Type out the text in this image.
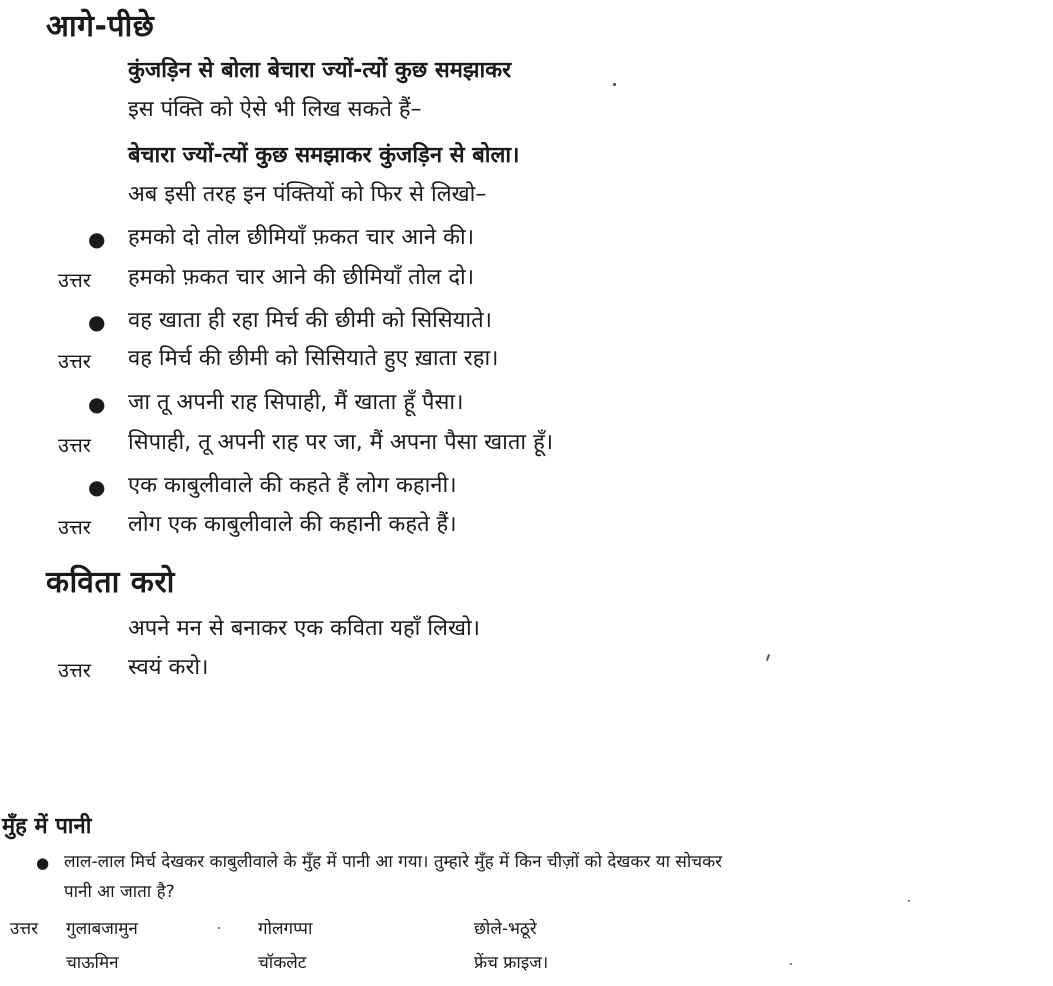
आगे-पीछे
कुंजड़िन से बोला बेचारा ज्यों-त्यों कुछ समझाकर
इस पंक्ति को ऐसे भी लिख सकते हैं–
बेचारा ज्यों-त्यों कुछ समझाकर कुंजड़िन से बोला।
अब इसी तरह इन पंक्तियों को फिर से लिखो–
● हमको दो तोल छीमियाँ फ़कत चार आने की।
उत्तर हमको फ़कत चार आने की छीमियाँ तोल दो।
● वह खाता ही रहा मिर्च की छीमी को सिसियाते।
उत्तर वह मिर्च की छीमी को सिसियाते हुए ख़ाता रहा।
● जा तू अपनी राह सिपाही, मैं खाता हूँ पैसा।
उत्तर सिपाही, तू अपनी राह पर जा, मैं अपना पैसा खाता हूँ।
● एक काबुलीवाले की कहते हैं लोग कहानी।
उत्तर लोग एक काबुलीवाले की कहानी कहते हैं।
कविता करो
अपने मन से बनाकर एक कविता यहाँ लिखो।
उत्तर स्वयं करो।
मुँह में पानी
● लाल-लाल मिर्च देखकर काबुलीवाले के मुँह में पानी आ गया। तुम्हारे मुँह में किन चीज़ों को देखकर या सोचकर
पानी आ जाता है?
उत्तर गुलाबजामुन	गोलगप्पा	छोले-भठूरे
चाऊमिन	चॉकलेट	फ्रेंच फ्राइज।
